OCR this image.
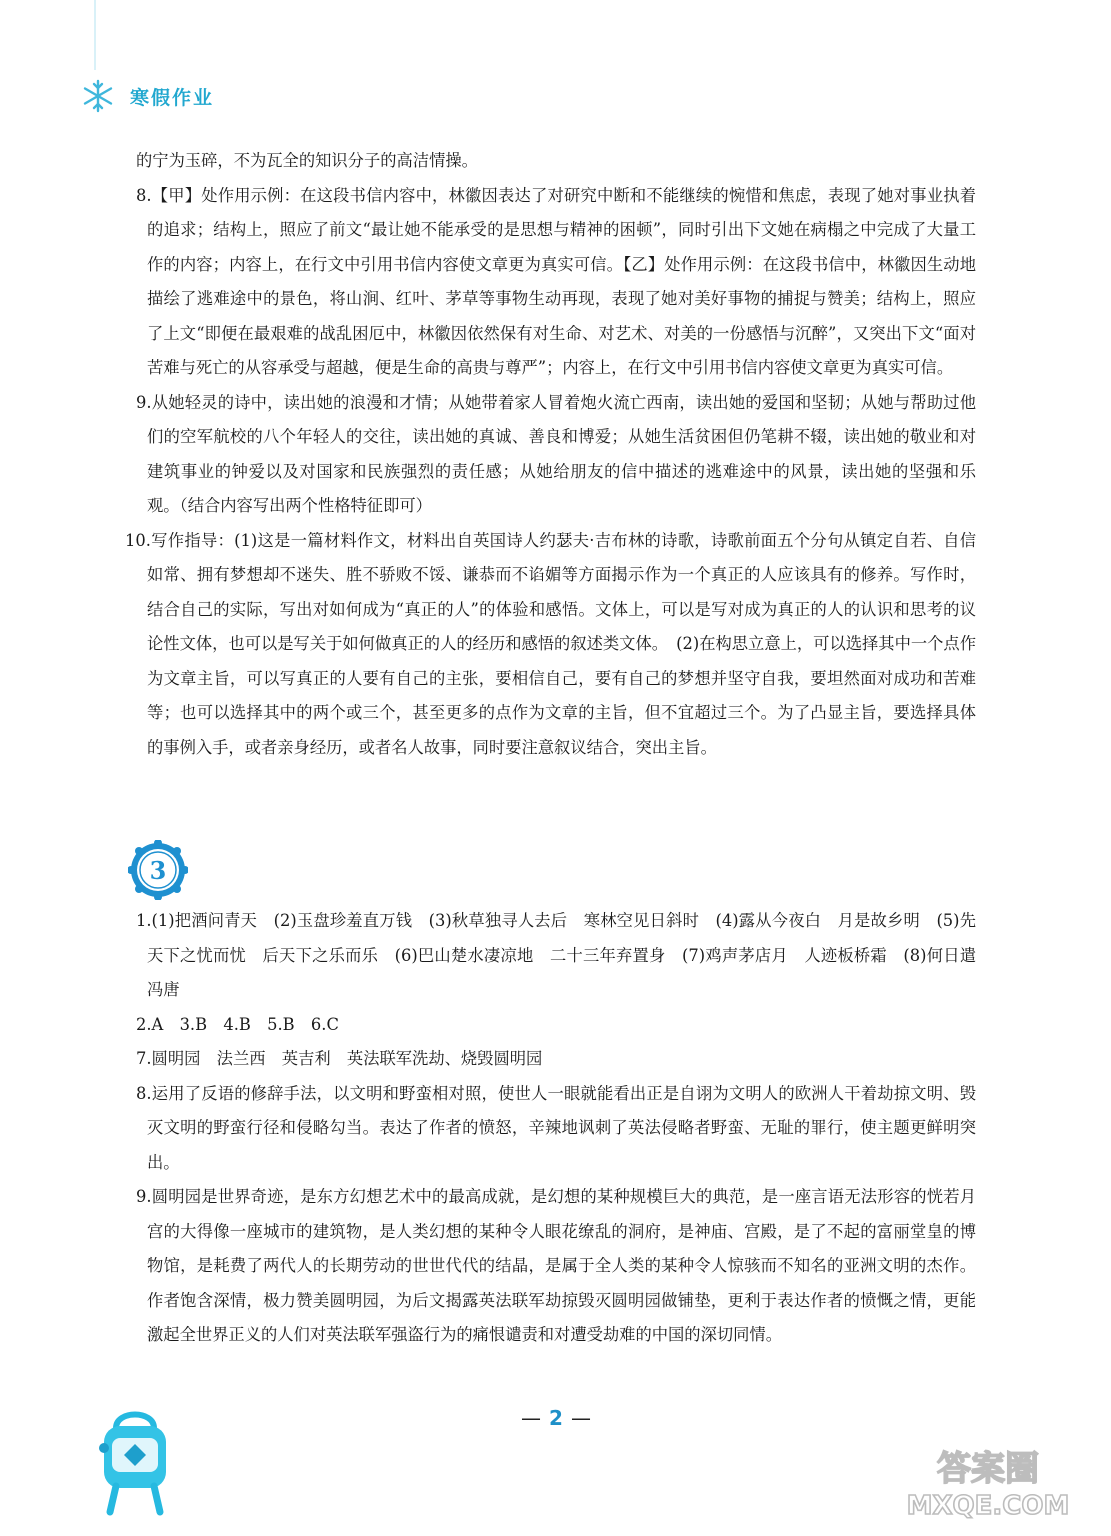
寒假作业

的宁为玉碎，不为瓦全的知识分子的高洁情操。

8.【甲】处作用示例：在这段书信内容中，林徽因表达了对研究中断和不能继续的惋惜和焦虑，表现了她对事业执着的追求；结构上，照应了前文“最让她不能承受的是思想与精神的困顿”，同时引出下文她在病榻之中完成了大量工作的内容；内容上，在行文中引用书信内容使文章更为真实可信。【乙】处作用示例：在这段书信中，林徽因生动地描绘了逃难途中的景色，将山涧、红叶、茅草等事物生动再现，表现了她对美好事物的捕捉与赞美；结构上，照应了上文“即便在最艰难的战乱困厄中，林徽因依然保有对生命、对艺术、对美的一份感悟与沉醉”，又突出下文“面对苦难与死亡的从容承受与超越，便是生命的高贵与尊严”；内容上，在行文中引用书信内容使文章更为真实可信。

9.从她轻灵的诗中，读出她的浪漫和才情；从她带着家人冒着炮火流亡西南，读出她的爱国和坚韧；从她与帮助过他们的空军航校的八个年轻人的交往，读出她的真诚、善良和博爱；从她生活贫困但仍笔耕不辍，读出她的敬业和对建筑事业的钟爱以及对国家和民族强烈的责任感；从她给朋友的信中描述的逃难途中的风景，读出她的坚强和乐观。（结合内容写出两个性格特征即可）

10.写作指导：(1)这是一篇材料作文，材料出自英国诗人约瑟夫·吉布林的诗歌，诗歌前面五个分句从镇定自若、自信如常、拥有梦想却不迷失、胜不骄败不馁、谦恭而不谄媚等方面揭示作为一个真正的人应该具有的修养。写作时，结合自己的实际，写出对如何成为“真正的人”的体验和感悟。文体上，可以是写对成为真正的人的认识和思考的议论性文体，也可以是写关于如何做真正的人的经历和感悟的叙述类文体。　(2)在构思立意上，可以选择其中一个点作为文章主旨，可以写真正的人要有自己的主张，要相信自己，要有自己的梦想并坚守自我，要坦然面对成功和苦难等；也可以选择其中的两个或三个，甚至更多的点作为文章的主旨，但不宜超过三个。为了凸显主旨，要选择具体的事例入手，或者亲身经历，或者名人故事，同时要注意叙议结合，突出主旨。

3

1.(1)把酒问青天　(2)玉盘珍羞直万钱　(3)秋草独寻人去后　寒林空见日斜时　(4)露从今夜白　月是故乡明　(5)先天下之忧而忧　后天下之乐而乐　(6)巴山楚水凄凉地　二十三年弃置身　(7)鸡声茅店月　人迹板桥霜　(8)何日遣冯唐

2.A　3.B　4.B　5.B　6.C

7.圆明园　法兰西　英吉利　英法联军洗劫、烧毁圆明园

8.运用了反语的修辞手法，以文明和野蛮相对照，使世人一眼就能看出正是自诩为文明人的欧洲人干着劫掠文明、毁灭文明的野蛮行径和侵略勾当。表达了作者的愤怒，辛辣地讽刺了英法侵略者野蛮、无耻的罪行，使主题更鲜明突出。

9.圆明园是世界奇迹，是东方幻想艺术中的最高成就，是幻想的某种规模巨大的典范，是一座言语无法形容的恍若月宫的大得像一座城市的建筑物，是人类幻想的某种令人眼花缭乱的洞府，是神庙、宫殿，是了不起的富丽堂皇的博物馆，是耗费了两代人的长期劳动的世世代代的结晶，是属于全人类的某种令人惊骇而不知名的亚洲文明的杰作。作者饱含深情，极力赞美圆明园，为后文揭露英法联军劫掠毁灭圆明园做铺垫，更利于表达作者的愤慨之情，更能激起全世界正义的人们对英法联军强盗行为的痛恨谴责和对遭受劫难的中国的深切同情。

— 2 —
答案圈
MXQE.COM
